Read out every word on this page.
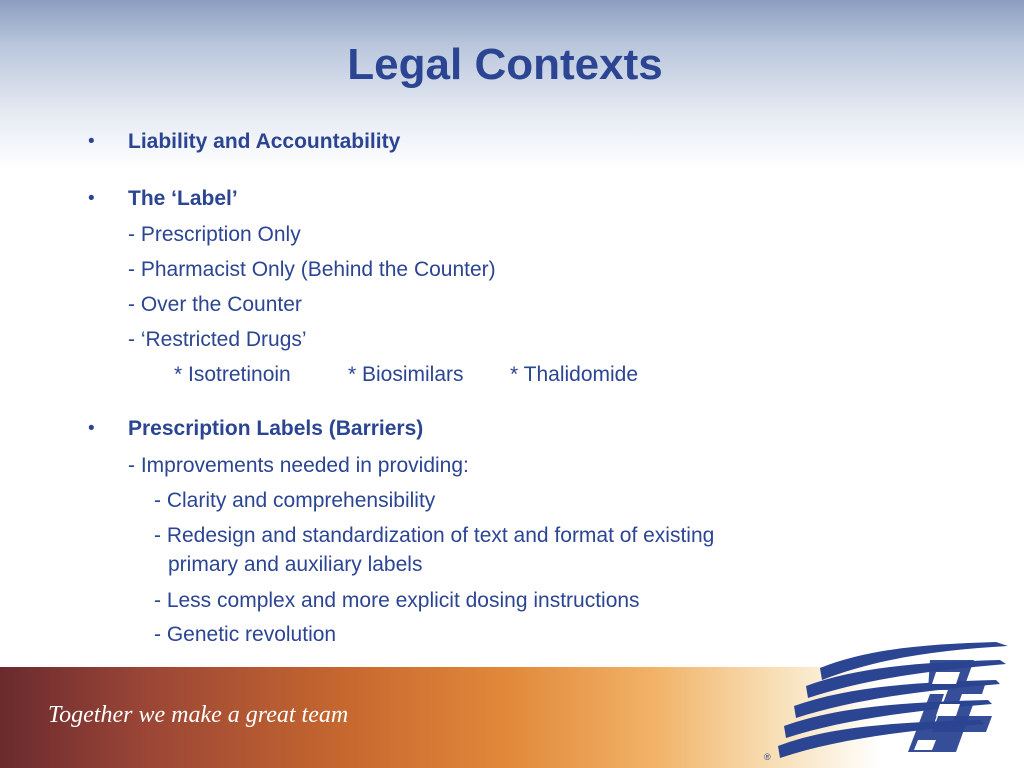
Legal Contexts
• Liability and Accountability
• The ‘Label’
- Prescription Only
- Pharmacist Only (Behind the Counter)
- Over the Counter
- ‘Restricted Drugs’
* Isotretinoin	* Biosimilars * Thalidomide
• Prescription Labels (Barriers)
- Improvements needed in providing:
- Clarity and comprehensibility
- Redesign and standardization of text and format of existing
primary and auxiliary labels
- Less complex and more explicit dosing instructions
- Genetic revolution
Together we make a great team
®
